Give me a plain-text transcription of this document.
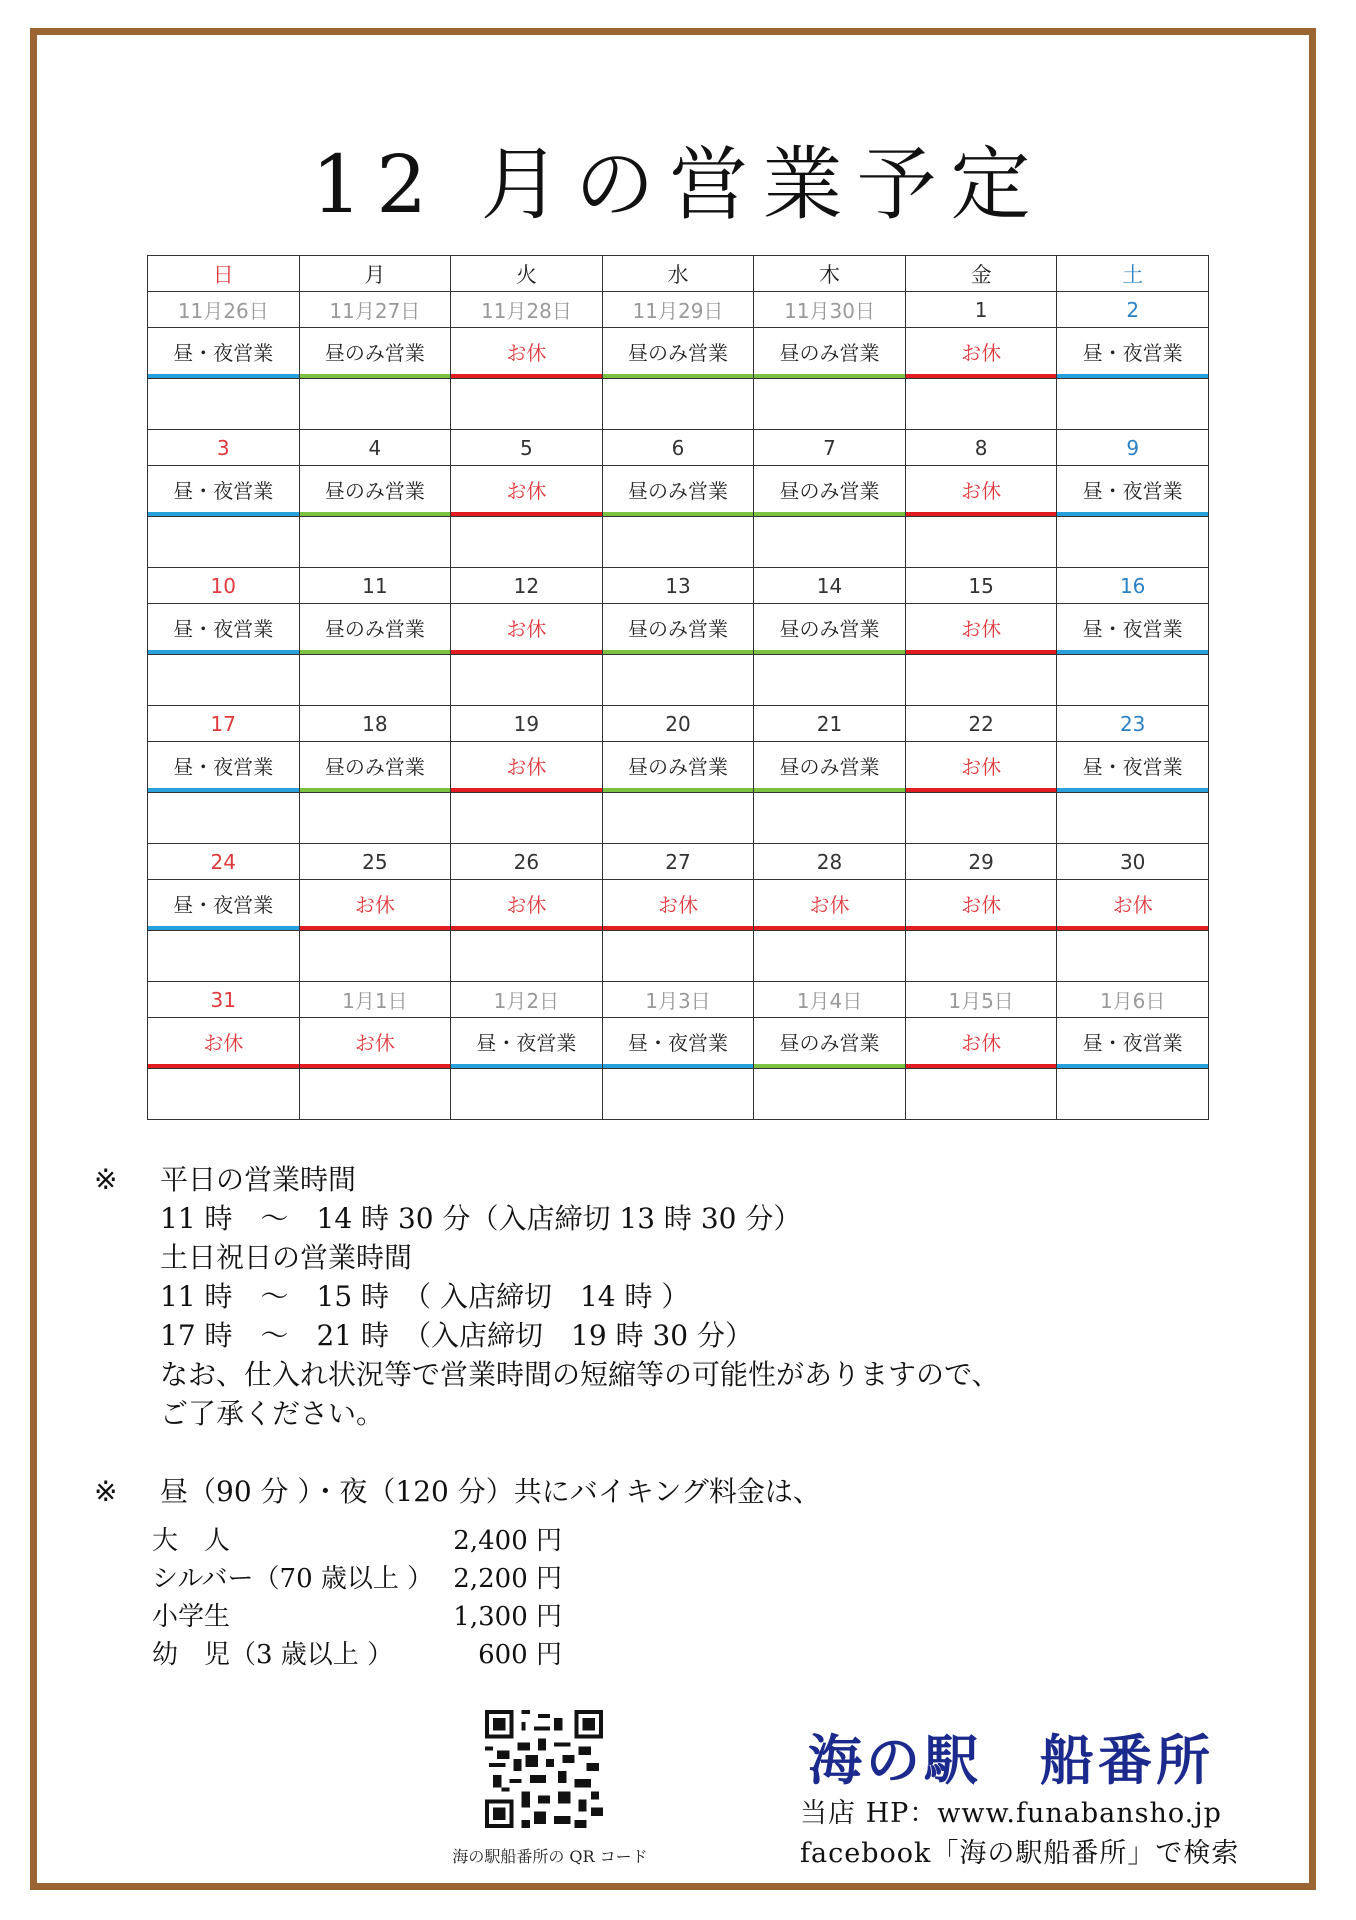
12 月の営業予定
日	月	火	水	木	金	土
11月26日	11月27日	11月28日	11月29日	11月30日	1	2

昼・夜営業	昼のみ営業	お休	昼のみ営業	昼のみ営業	お休	昼・夜営業

3	4	5	6	7	8	9

昼・夜営業	昼のみ営業	お休	昼のみ営業	昼のみ営業	お休	昼・夜営業

10	11	12	13	14	15	16

昼・夜営業	昼のみ営業	お休	昼のみ営業	昼のみ営業	お休	昼・夜営業

17	18	19	20	21	22	23

昼・夜営業	昼のみ営業	お休	昼のみ営業	昼のみ営業	お休	昼・夜営業

24	25	26	27	28	29	30

昼・夜営業	お休	お休	お休	お休	お休	お休

31	1月1日	1月2日	1月3日	1月4日	1月5日	1月6日

お休	お休	昼・夜営業	昼・夜営業	昼のみ営業	お休	昼・夜営業

※ 平日の営業時間
11 時　～　14 時 30 分（入店締切 13 時 30 分）
土日祝日の営業時間
11 時　～　15 時　（ 入店締切　14 時 ）
17 時　～　21 時　（入店締切　19 時 30 分）
なお、仕入れ状況等で営業時間の短縮等の可能性がありますので、
ご了承ください。
※ 昼（90 分 ）・夜（120 分）共にバイキング料金は、
大　人	2,400 円
シルバー（70 歳以上 ） 2,200 円
小学生	1,300 円
幼　児（3 歳以上 ）	600 円
海の駅船番所の QR コード
海の駅　船番所
当店 HP：www.funabansho.jp
facebook「海の駅船番所」で検索
